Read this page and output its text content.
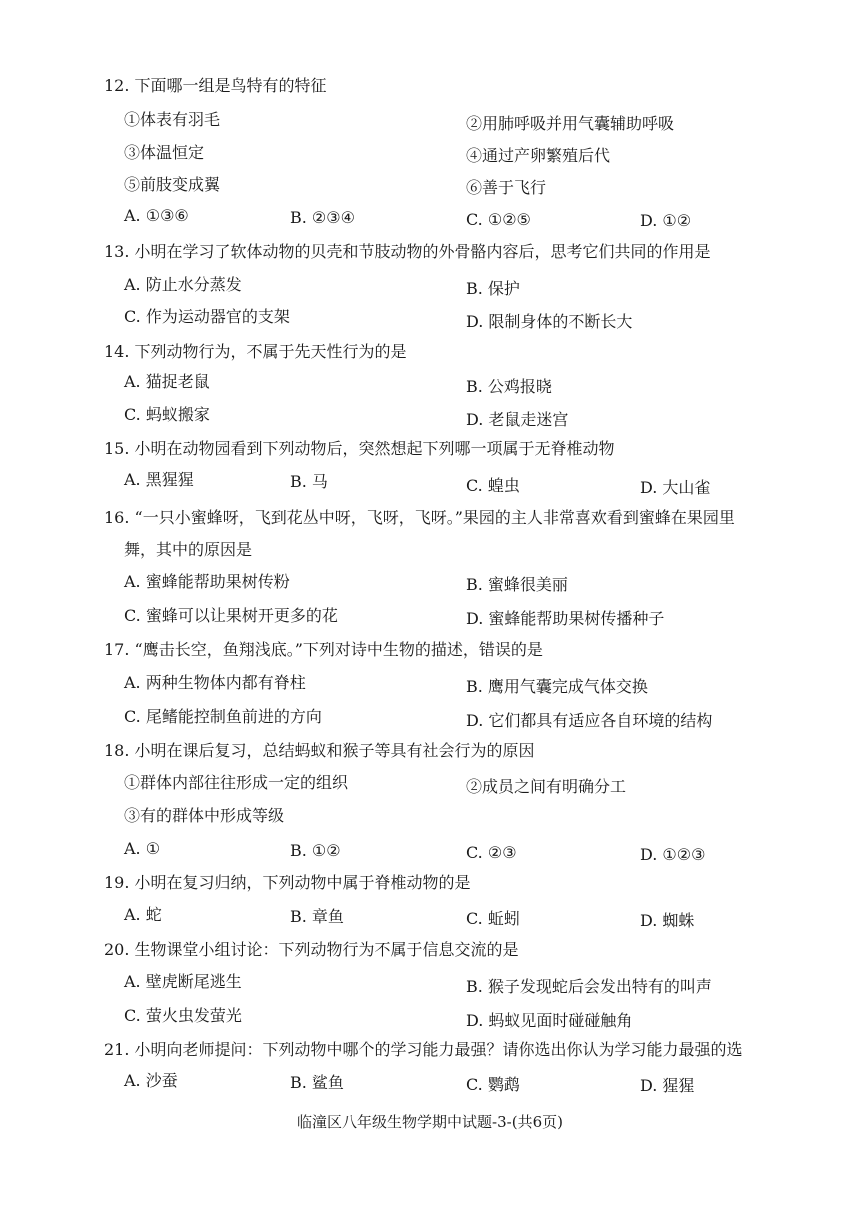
12. 下面哪一组是鸟特有的特征
①体表有羽毛	②用肺呼吸并用气囊辅助呼吸
③体温恒定	④通过产卵繁殖后代
⑤前肢变成翼	⑥善于飞行
A. ①③⑥	B. ②③④	C. ①②⑤	D. ①②
13. 小明在学习了软体动物的贝壳和节肢动物的外骨骼内容后，思考它们共同的作用是
A. 防止水分蒸发	B. 保护
C. 作为运动器官的支架	D. 限制身体的不断长大
14. 下列动物行为，不属于先天性行为的是
A. 猫捉老鼠	B. 公鸡报晓
C. 蚂蚁搬家	D. 老鼠走迷宫
15. 小明在动物园看到下列动物后，突然想起下列哪一项属于无脊椎动物
A. 黑猩猩	B. 马	C. 蝗虫	D. 大山雀
16. “一只小蜜蜂呀，飞到花丛中呀，飞呀，飞呀。”果园的主人非常喜欢看到蜜蜂在果园里
舞，其中的原因是
A. 蜜蜂能帮助果树传粉	B. 蜜蜂很美丽
C. 蜜蜂可以让果树开更多的花	D. 蜜蜂能帮助果树传播种子
17. “鹰击长空，鱼翔浅底。”下列对诗中生物的描述，错误的是
A. 两种生物体内都有脊柱	B. 鹰用气囊完成气体交换
C. 尾鳍能控制鱼前进的方向	D. 它们都具有适应各自环境的结构
18. 小明在课后复习，总结蚂蚁和猴子等具有社会行为的原因
①群体内部往往形成一定的组织	②成员之间有明确分工
③有的群体中形成等级
A. ①	B. ①②	C. ②③	D. ①②③
19. 小明在复习归纳，下列动物中属于脊椎动物的是
A. 蛇	B. 章鱼	C. 蚯蚓	D. 蜘蛛
20. 生物课堂小组讨论：下列动物行为不属于信息交流的是
A. 壁虎断尾逃生	B. 猴子发现蛇后会发出特有的叫声
C. 萤火虫发萤光	D. 蚂蚁见面时碰碰触角
21. 小明向老师提问：下列动物中哪个的学习能力最强？请你选出你认为学习能力最强的选
A. 沙蚕	B. 鲨鱼	C. 鹦鹉	D. 猩猩
临潼区八年级生物学期中试题-3-(共6页)
